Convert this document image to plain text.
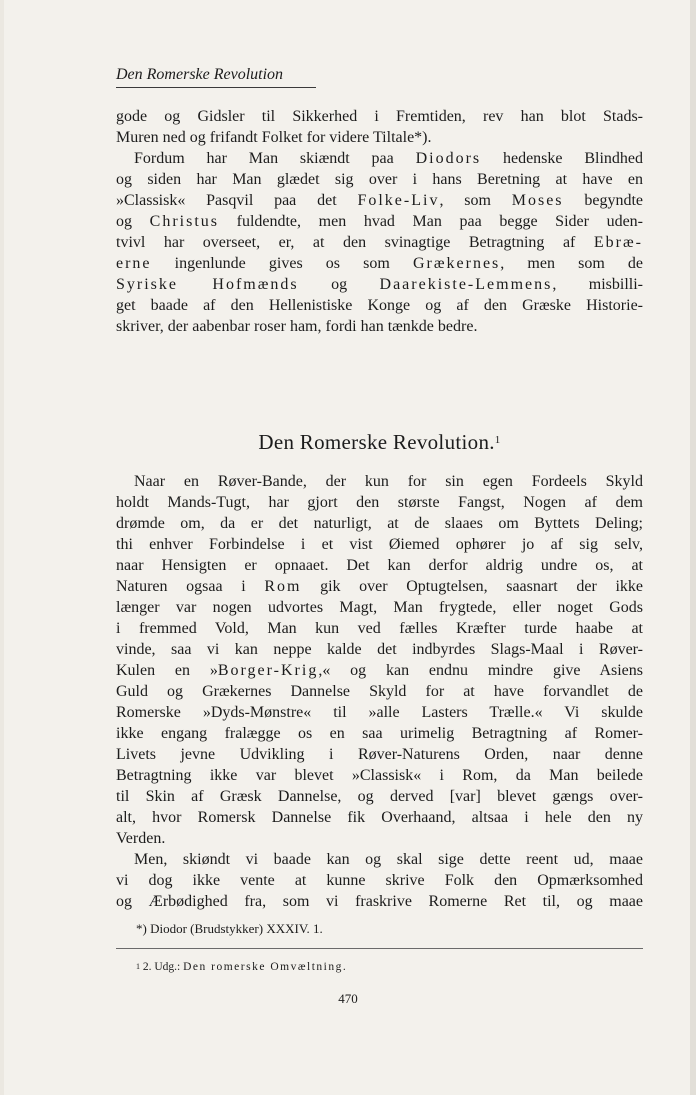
Den Romerske Revolution
gode og Gidsler til Sikkerhed i Fremtiden, rev han blot Stads-
Muren ned og frifandt Folket for videre Tiltale*).
Fordum har Man skiændt paa Diodors hedenske Blindhed
og siden har Man glædet sig over i hans Beretning at have en
»Classisk« Pasqvil paa det Folke-Liv, som Moses begyndte
og Christus fuldendte, men hvad Man paa begge Sider uden-
tvivl har overseet, er, at den svinagtige Betragtning af Ebræ-
erne ingenlunde gives os som Grækernes, men som de
Syriske Hofmænds og Daarekiste-Lemmens, misbilli-
get baade af den Hellenistiske Konge og af den Græske Historie-
skriver, der aabenbar roser ham, fordi han tænkde bedre.
Den Romerske Revolution.$^1$
Naar en Røver-Bande, der kun for sin egen Fordeels Skyld
holdt Mands-Tugt, har gjort den største Fangst, Nogen af dem
drømde om, da er det naturligt, at de slaaes om Byttets Deling;
thi enhver Forbindelse i et vist Øiemed ophører jo af sig selv,
naar Hensigten er opnaaet. Det kan derfor aldrig undre os, at
Naturen ogsaa i Rom gik over Optugtelsen, saasnart der ikke
længer var nogen udvortes Magt, Man frygtede, eller noget Gods
i fremmed Vold, Man kun ved fælles Kræfter turde haabe at
vinde, saa vi kan neppe kalde det indbyrdes Slags-Maal i Røver-
Kulen en »Borger-Krig,« og kan endnu mindre give Asiens
Guld og Grækernes Dannelse Skyld for at have forvandlet de
Romerske »Dyds-Mønstre« til »alle Lasters Trælle.« Vi skulde
ikke engang fralægge os en saa urimelig Betragtning af Romer-
Livets jevne Udvikling i Røver-Naturens Orden, naar denne
Betragtning ikke var blevet »Classisk« i Rom, da Man beilede
til Skin af Græsk Dannelse, og derved [var] blevet gængs over-
alt, hvor Romersk Dannelse fik Overhaand, altsaa i hele den ny
Verden.
Men, skiøndt vi baade kan og skal sige dette reent ud, maae
vi dog ikke vente at kunne skrive Folk den Opmærksomhed
og Ærbødighed fra, som vi fraskrive Romerne Ret til, og maae
*) Diodor (Brudstykker) XXXIV. 1.
$^1$ 2. Udg.: Den romerske Omvæltning.
470
